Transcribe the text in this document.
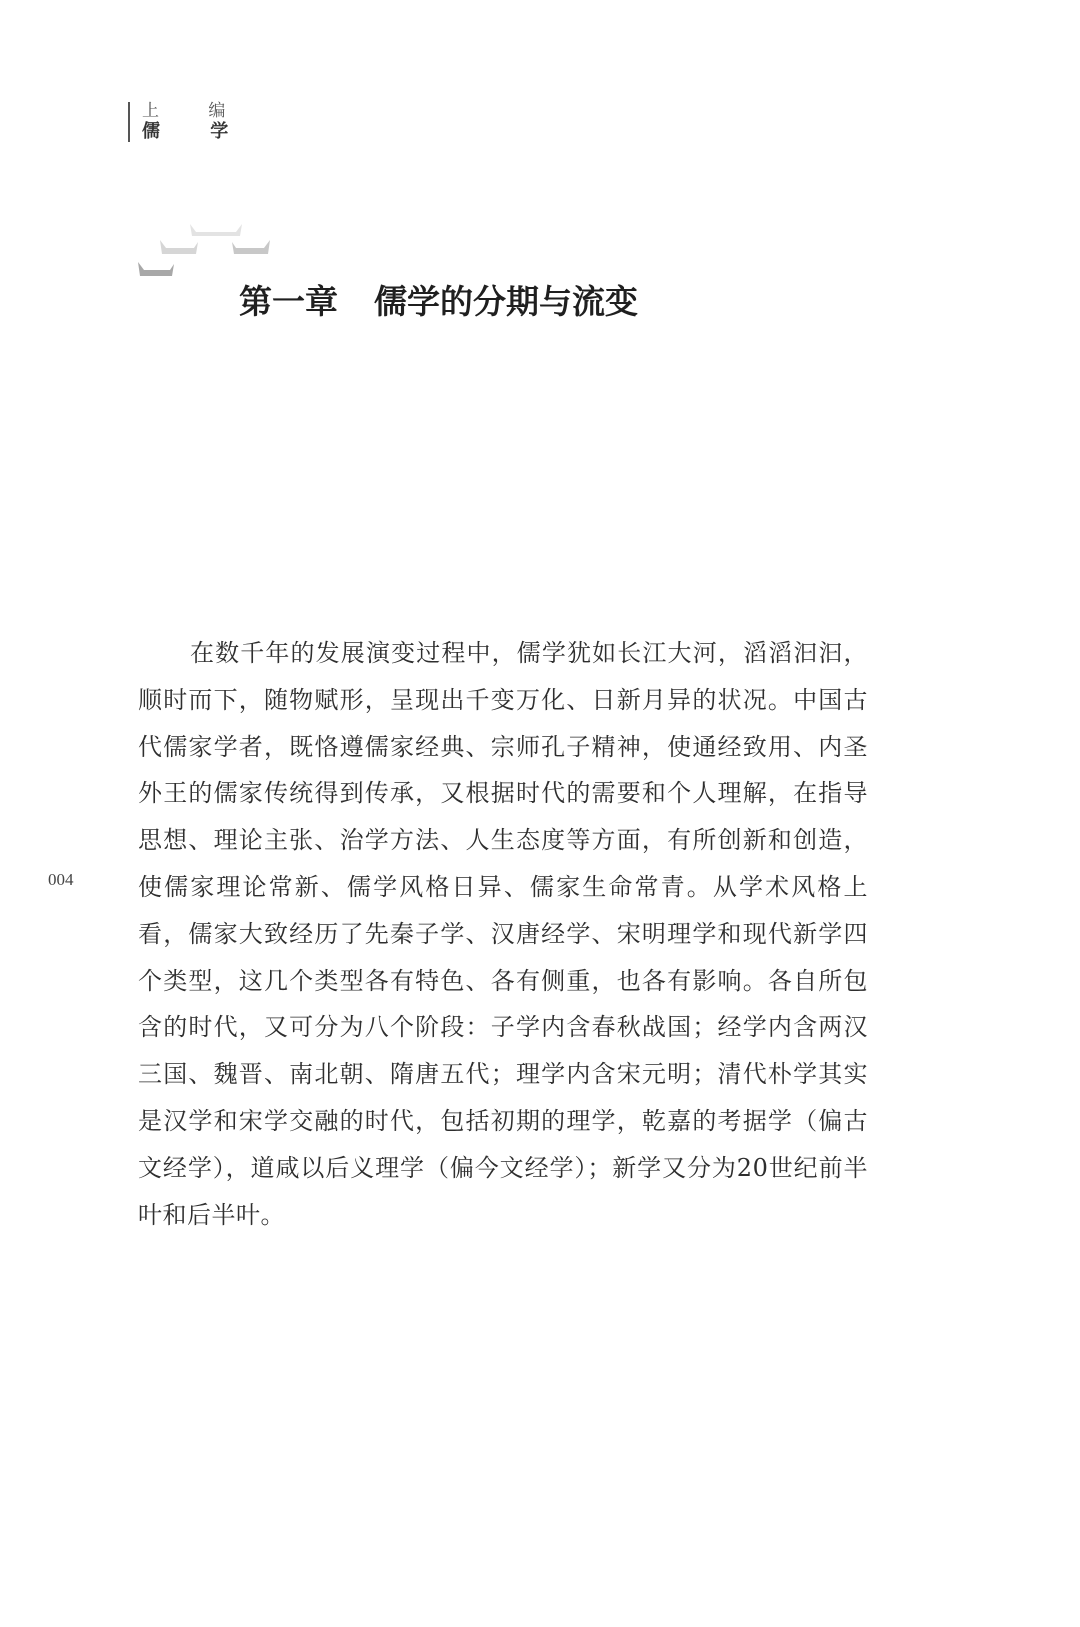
上 编
儒 学
第一章 儒学的分期与流变
004

在数千年的发展演变过程中，儒学犹如长江大河，滔滔汩汩，顺时而下，随物赋形，呈现出千变万化、日新月异的状况。中国古代儒家学者，既恪遵儒家经典、宗师孔子精神，使通经致用、内圣外王的儒家传统得到传承，又根据时代的需要和个人理解，在指导思想、理论主张、治学方法、人生态度等方面，有所创新和创造，使儒家理论常新、儒学风格日异、儒家生命常青。从学术风格上看，儒家大致经历了先秦子学、汉唐经学、宋明理学和现代新学四个类型，这几个类型各有特色、各有侧重，也各有影响。各自所包含的时代，又可分为八个阶段：子学内含春秋战国；经学内含两汉三国、魏晋、南北朝、隋唐五代；理学内含宋元明；清代朴学其实是汉学和宋学交融的时代，包括初期的理学，乾嘉的考据学（偏古文经学），道咸以后义理学（偏今文经学）；新学又分为20世纪前半叶和后半叶。
